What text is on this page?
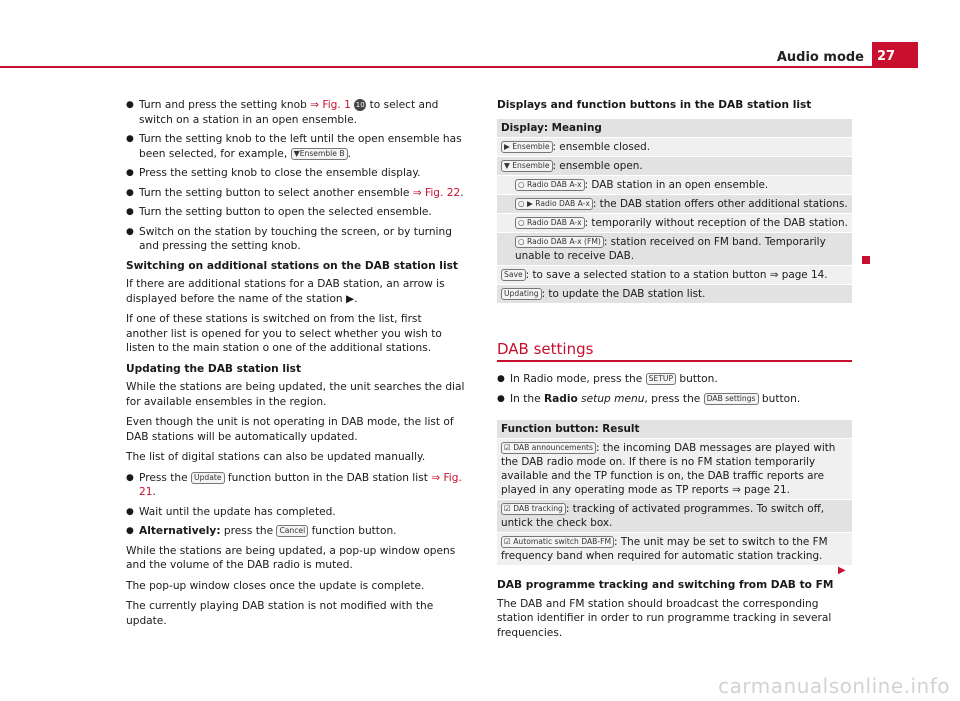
Audio mode	27

● Turn and press the setting knob ⇒ Fig. 1 10 to select and switch on a station in an open ensemble.

● Turn the setting knob to the left until the open ensemble has been selected, for example, ▼Ensemble B .

● Press the setting knob to close the ensemble display.

● Turn the setting button to select another ensemble ⇒ Fig. 22.

● Turn the setting button to open the selected ensemble.

● Switch on the station by touching the screen, or by turning and pressing the setting knob.

Switching on additional stations on the DAB station list

If there are additional stations for a DAB station, an arrow is displayed before the name of the station ▶.

If one of these stations is switched on from the list, first another list is opened for you to select whether you wish to listen to the main station o one of the additional stations.

Updating the DAB station list

While the stations are being updated, the unit searches the dial for available ensembles in the region.

Even though the unit is not operating in DAB mode, the list of DAB stations will be automatically updated.

The list of digital stations can also be updated manually.

● Press the Update function button in the DAB station list ⇒ Fig. 21.

● Wait until the update has completed.

● Alternatively: press the Cancel function button.

While the stations are being updated, a pop-up window opens and the volume of the DAB radio is muted.

The pop-up window closes once the update is complete.

The currently playing DAB station is not modified with the update.

Displays and function buttons in the DAB station list

Display: Meaning
▶ Ensemble : ensemble closed.
▼ Ensemble : ensemble open.
○ Radio DAB A-x : DAB station in an open ensemble.
○ ▶ Radio DAB A-x : the DAB station offers other additional stations.
○ Radio DAB A-x: temporarily without reception of the DAB station.
○ Radio DAB A-x (FM) : station received on FM band. Temporarily unable to receive DAB.
Save : to save a selected station to a station button ⇒ page 14.
Updating : to update the DAB station list.

DAB settings

● In Radio mode, press the SETUP button.

● In the Radio setup menu, press the DAB settings button.

Function button: Result
☑ DAB announcements : the incoming DAB messages are played with the DAB radio mode on. If there is no FM station temporarily available and the TP function is on, the DAB traffic reports are played in any operating mode as TP reports ⇒ page 21.
☑ DAB tracking : tracking of activated programmes. To switch off, untick the check box.
☑ Automatic switch DAB-FM : The unit may be set to switch to the FM frequency band when required for automatic station tracking.

DAB programme tracking and switching from DAB to FM

The DAB and FM station should broadcast the corresponding station identifier in order to run programme tracking in several frequencies.

▶
carmanualsonline.info
